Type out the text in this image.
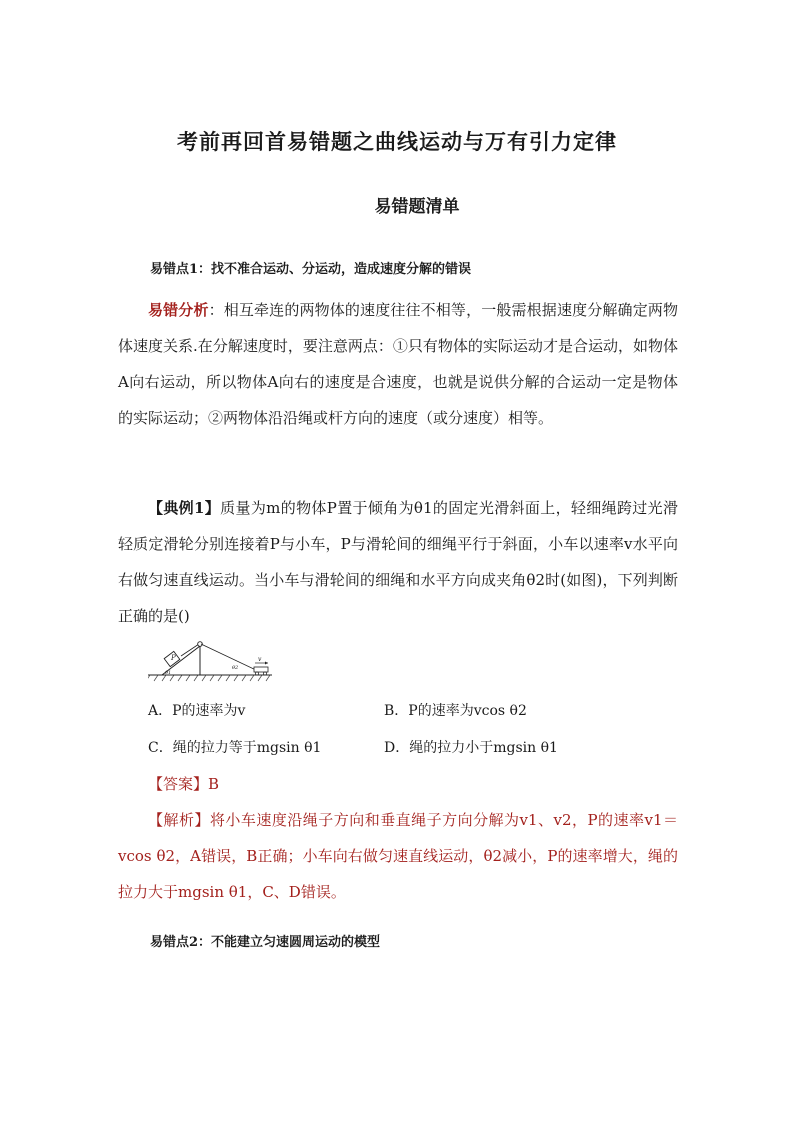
考前再回首易错题之曲线运动与万有引力定律
易错题清单
易错点1：找不准合运动、分运动，造成速度分解的错误
易错分析：相互牵连的两物体的速度往往不相等，一般需根据速度分解确定两物体速度关系.在分解速度时，要注意两点：①只有物体的实际运动才是合运动，如物体A向右运动，所以物体A向右的速度是合速度，也就是说供分解的合运动一定是物体的实际运动；②两物体沿沿绳或杆方向的速度（或分速度）相等。
【典例1】质量为m的物体P置于倾角为θ1的固定光滑斜面上，轻细绳跨过光滑轻质定滑轮分别连接着P与小车，P与滑轮间的细绳平行于斜面，小车以速率v水平向右做匀速直线运动。当小车与滑轮间的细绳和水平方向成夹角θ2时(如图)，下列判断正确的是()
P
θ1
θ2
v
A．P的速率为v	B．P的速率为vcos θ2
C．绳的拉力等于mgsin θ1	D．绳的拉力小于mgsin θ1
【答案】B
【解析】将小车速度沿绳子方向和垂直绳子方向分解为v1、v2，P的速率v1＝vcos θ2，A错误，B正确；小车向右做匀速直线运动，θ2减小，P的速率增大，绳的拉力大于mgsin θ1，C、D错误。
易错点2：不能建立匀速圆周运动的模型
